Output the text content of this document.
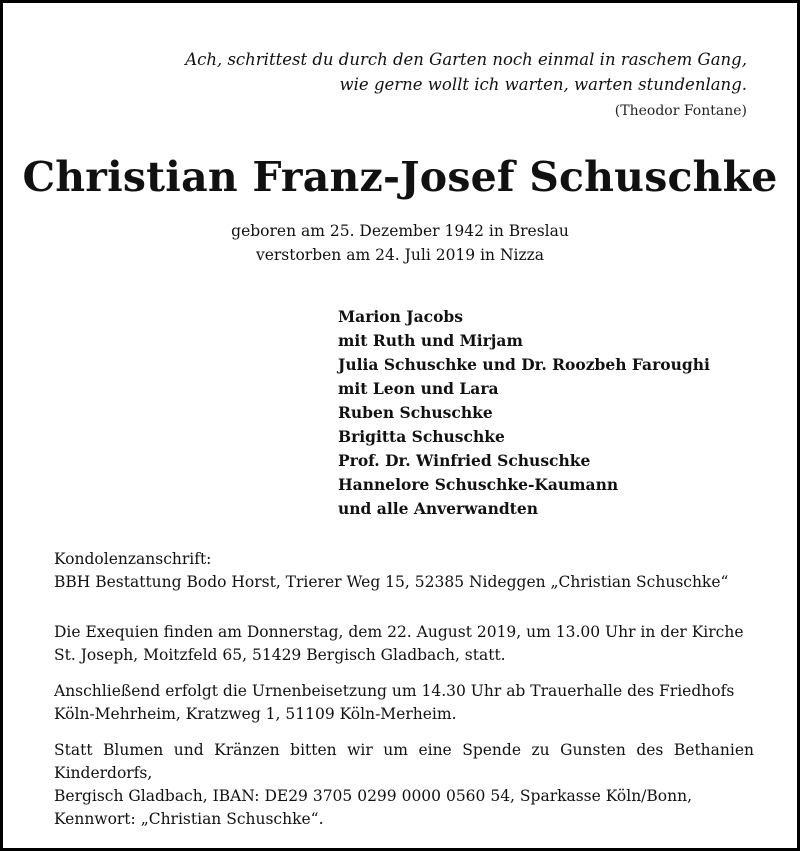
Ach, schrittest du durch den Garten noch einmal in raschem Gang,
wie gerne wollt ich warten, warten stundenlang.
(Theodor Fontane)
Christian Franz-Josef Schuschke
geboren am 25. Dezember 1942 in Breslau
verstorben am 24. Juli 2019 in Nizza
Marion Jacobs
mit Ruth und Mirjam
Julia Schuschke und Dr. Roozbeh Faroughi
mit Leon und Lara
Ruben Schuschke
Brigitta Schuschke
Prof. Dr. Winfried Schuschke
Hannelore Schuschke-Kaumann
und alle Anverwandten
Kondolenzanschrift:
BBH Bestattung Bodo Horst, Trierer Weg 15, 52385 Nideggen „Christian Schuschke“
Die Exequien finden am Donnerstag, dem 22. August 2019, um 13.00 Uhr in der Kirche
St. Joseph, Moitzfeld 65, 51429 Bergisch Gladbach, statt.
Anschließend erfolgt die Urnenbeisetzung um 14.30 Uhr ab Trauerhalle des Friedhofs
Köln-Mehrheim, Kratzweg 1, 51109 Köln-Merheim.
Statt Blumen und Kränzen bitten wir um eine Spende zu Gunsten des Bethanien Kinderdorfs,
Bergisch Gladbach, IBAN: DE29 3705 0299 0000 0560 54, Sparkasse Köln/Bonn,
Kennwort: „Christian Schuschke“.
